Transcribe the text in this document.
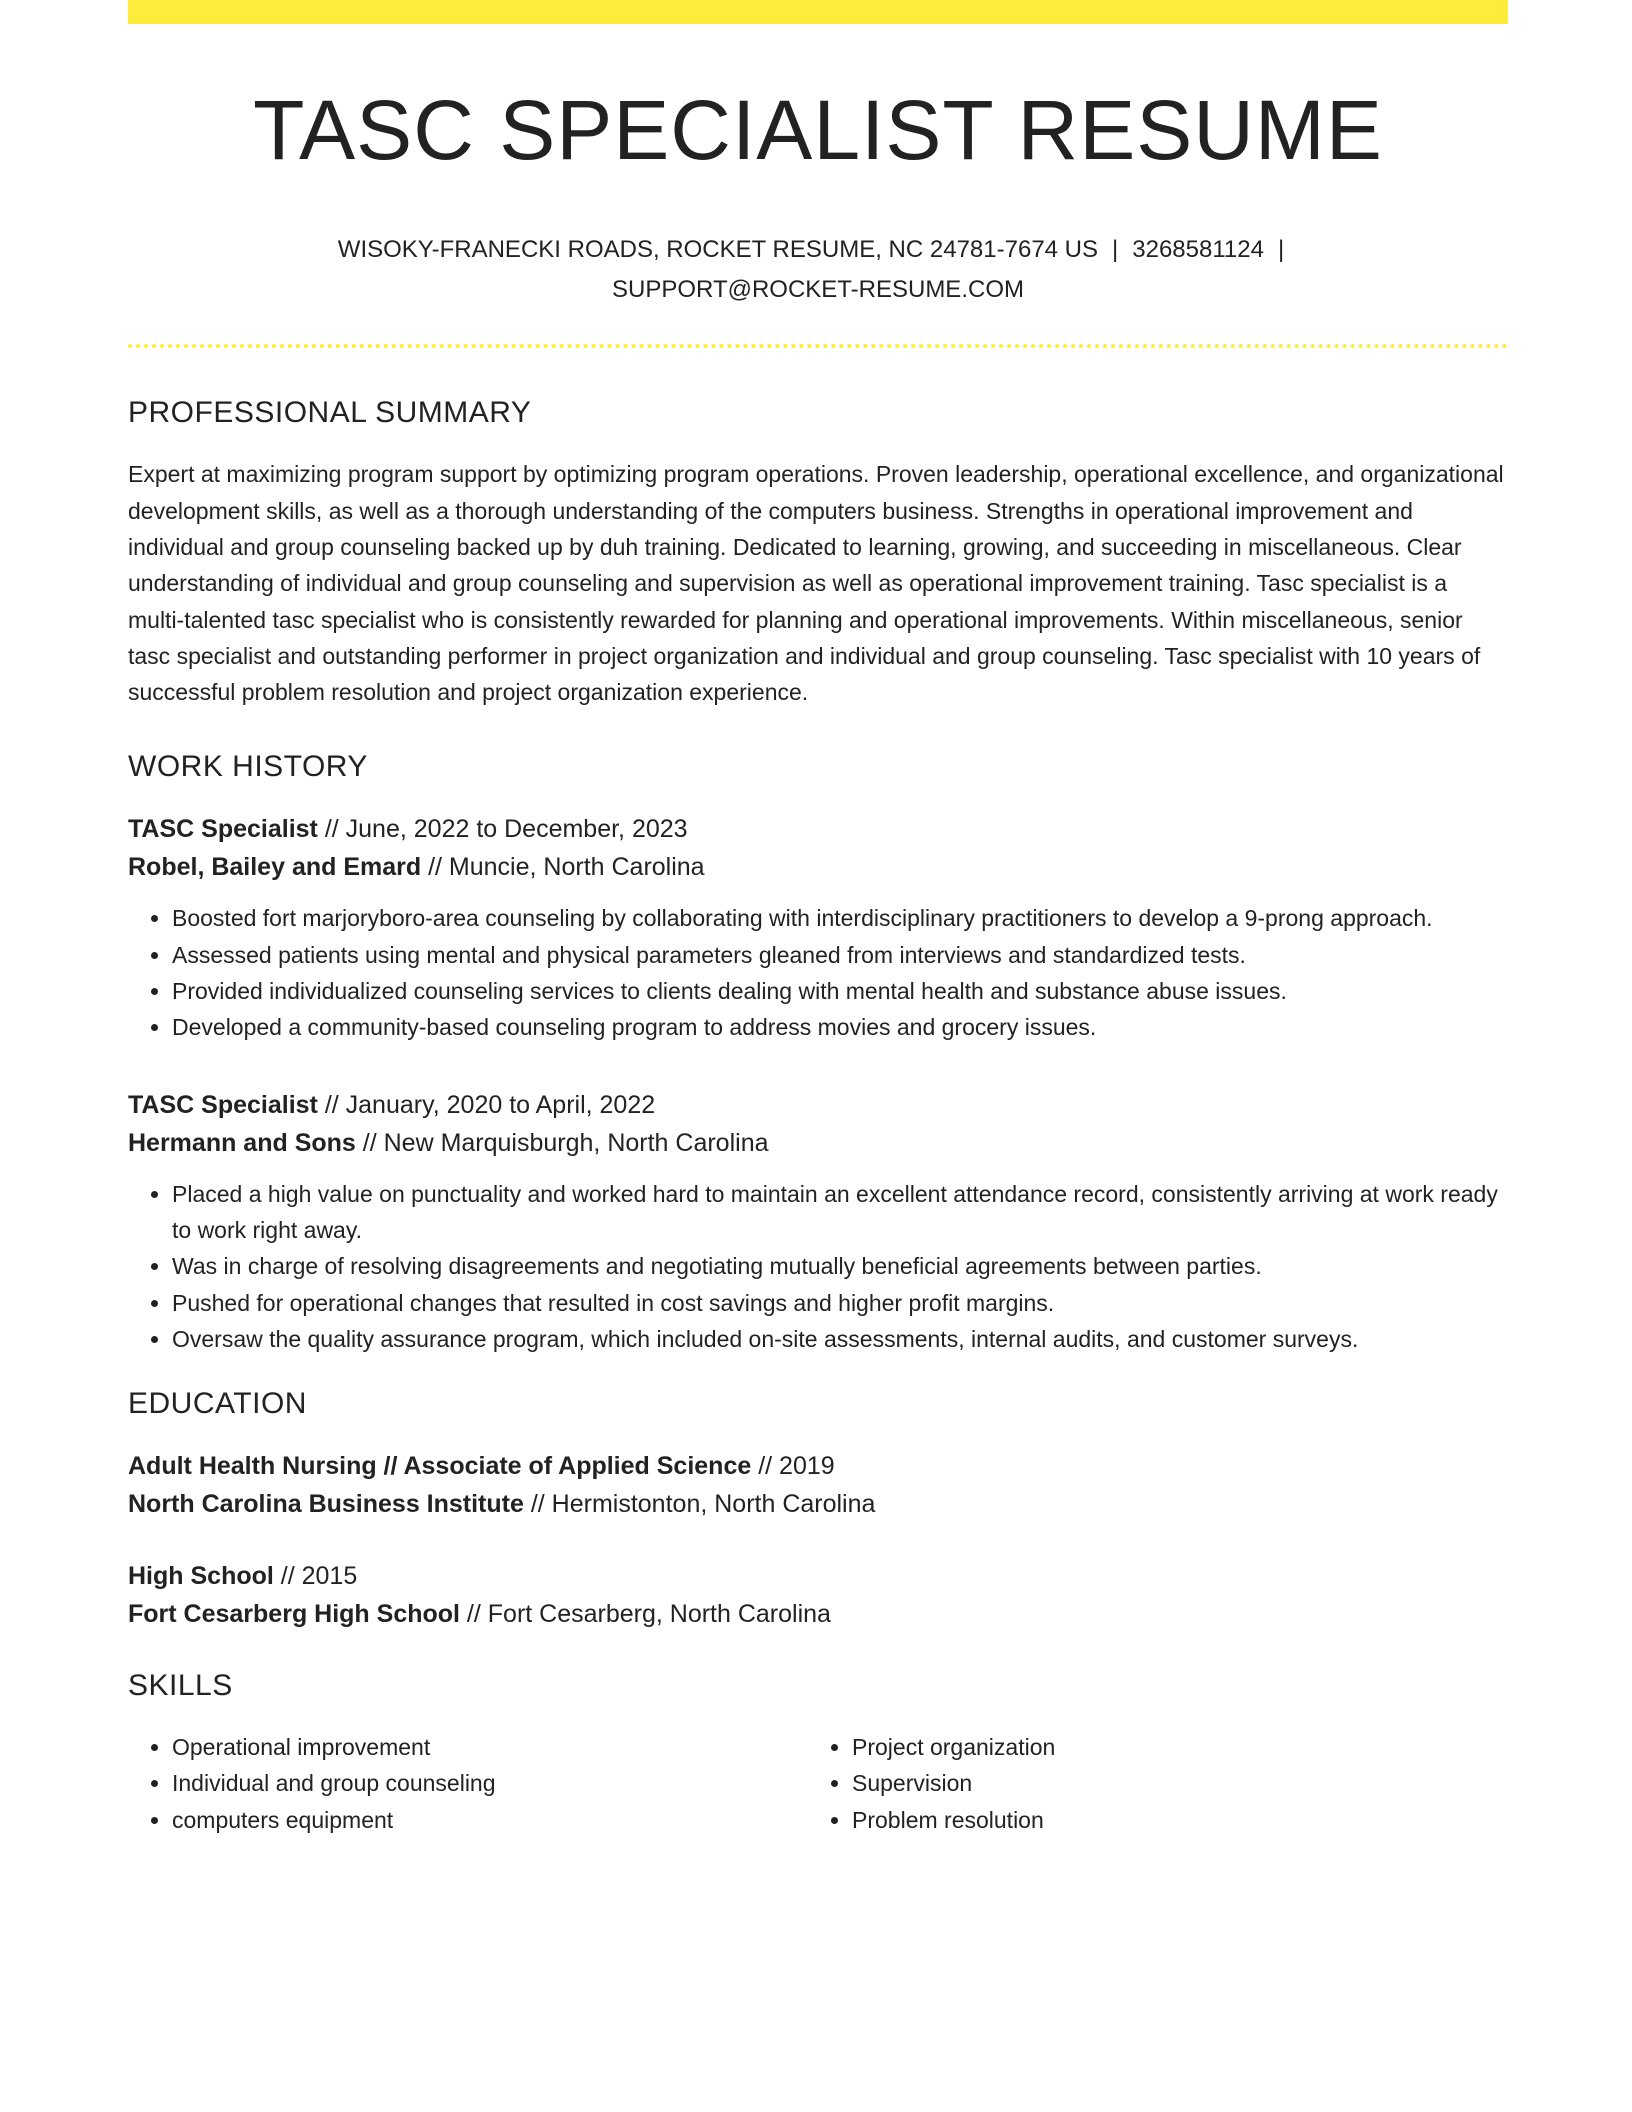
TASC SPECIALIST RESUME
WISOKY-FRANECKI ROADS, ROCKET RESUME, NC 24781-7674 US | 3268581124 |
SUPPORT@ROCKET-RESUME.COM
PROFESSIONAL SUMMARY

Expert at maximizing program support by optimizing program operations. Proven leadership, operational excellence, and organizational development skills, as well as a thorough understanding of the computers business. Strengths in operational improvement and individual and group counseling backed up by duh training. Dedicated to learning, growing, and succeeding in miscellaneous. Clear understanding of individual and group counseling and supervision as well as operational improvement training. Tasc specialist is a multi-talented tasc specialist who is consistently rewarded for planning and operational improvements. Within miscellaneous, senior tasc specialist and outstanding performer in project organization and individual and group counseling. Tasc specialist with 10 years of successful problem resolution and project organization experience.

WORK HISTORY
TASC Specialist // June, 2022 to December, 2023
Robel, Bailey and Emard // Muncie, North Carolina
• Boosted fort marjoryboro-area counseling by collaborating with interdisciplinary practitioners to develop a 9-prong approach.
• Assessed patients using mental and physical parameters gleaned from interviews and standardized tests.
• Provided individualized counseling services to clients dealing with mental health and substance abuse issues.
• Developed a community-based counseling program to address movies and grocery issues.
TASC Specialist // January, 2020 to April, 2022
Hermann and Sons // New Marquisburgh, North Carolina
• Placed a high value on punctuality and worked hard to maintain an excellent attendance record, consistently arriving at work ready to work right away.
• Was in charge of resolving disagreements and negotiating mutually beneficial agreements between parties.
• Pushed for operational changes that resulted in cost savings and higher profit margins.
• Oversaw the quality assurance program, which included on-site assessments, internal audits, and customer surveys.
EDUCATION
Adult Health Nursing // Associate of Applied Science // 2019
North Carolina Business Institute // Hermistonton, North Carolina
High School // 2015
Fort Cesarberg High School // Fort Cesarberg, North Carolina
SKILLS
• Operational improvement
• Individual and group counseling
• computers equipment
• Project organization
• Supervision
• Problem resolution
